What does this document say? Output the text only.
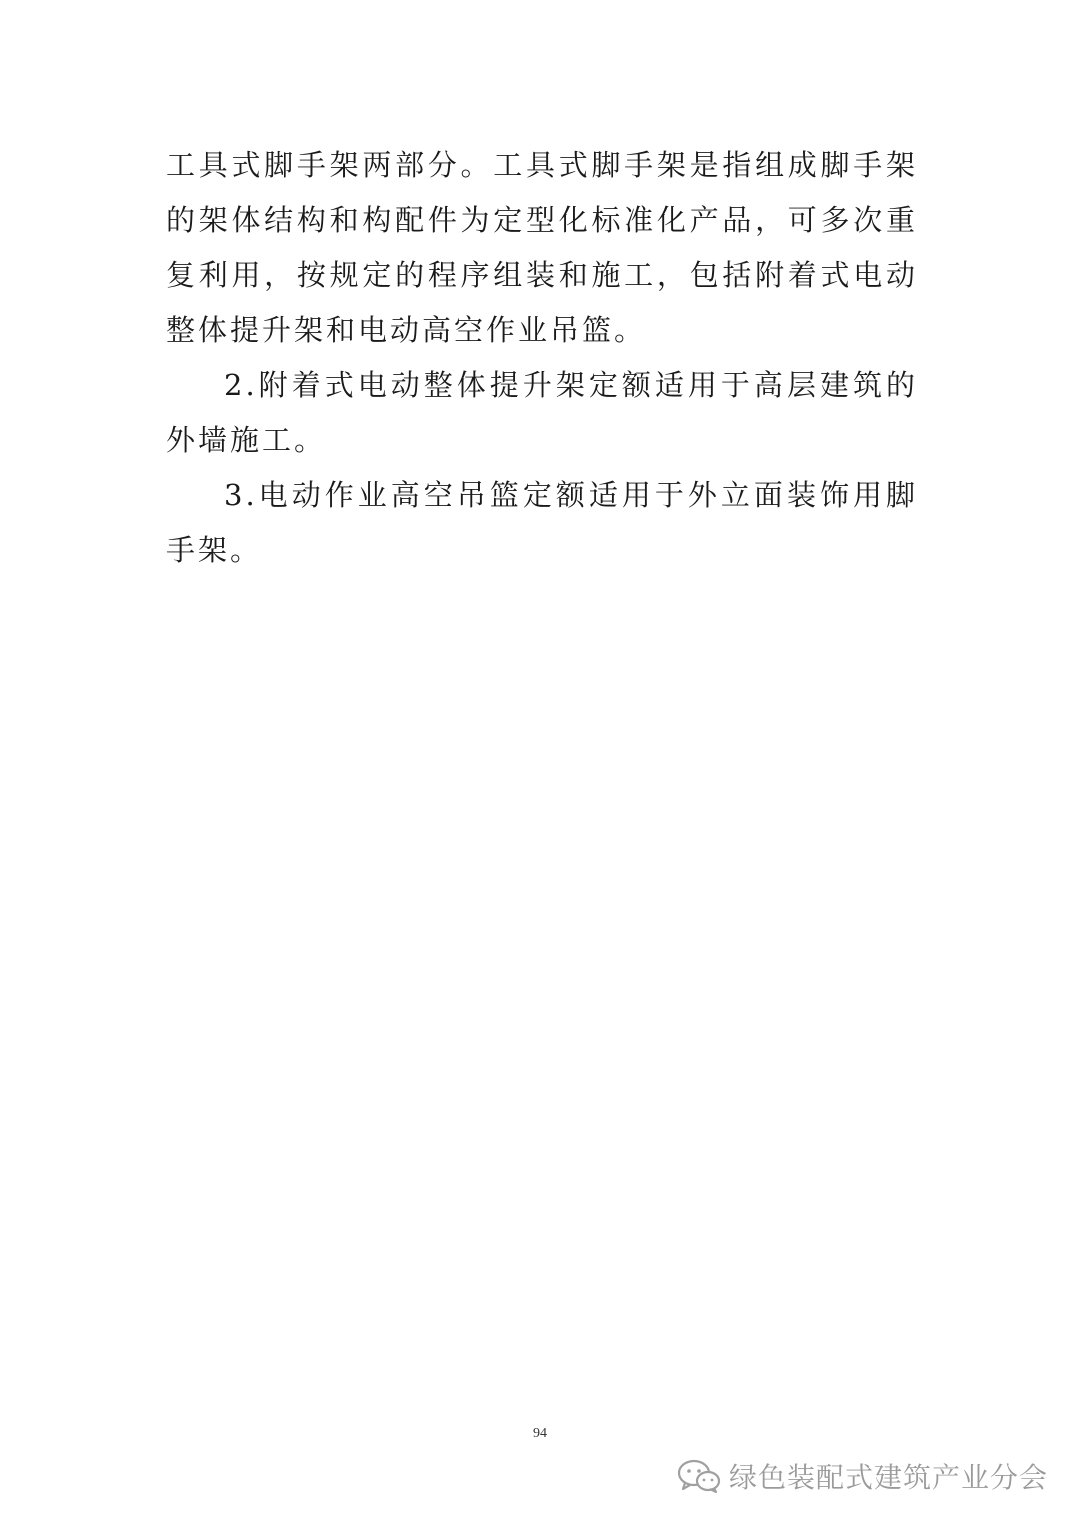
工具式脚手架两部分。工具式脚手架是指组成脚手架的架体结构和构配件为定型化标准化产品，可多次重复利用，按规定的程序组装和施工，包括附着式电动整体提升架和电动高空作业吊篮。

2.附着式电动整体提升架定额适用于高层建筑的外墙施工。

3.电动作业高空吊篮定额适用于外立面装饰用脚手架。

94
绿色装配式建筑产业分会
